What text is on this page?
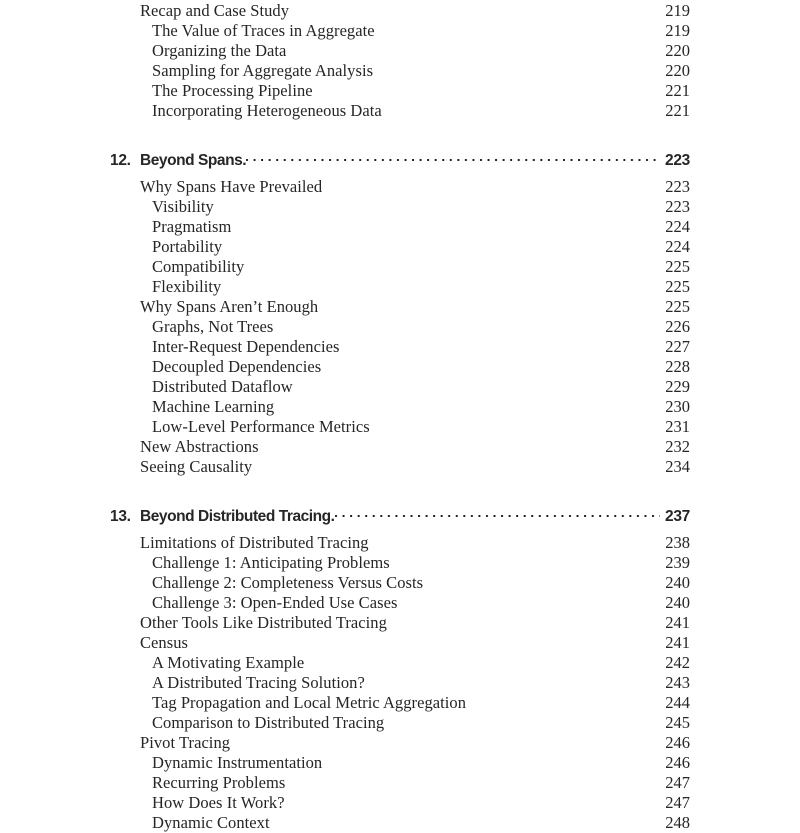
Recap and Case Study	219
The Value of Traces in Aggregate	219
Organizing the Data	220
Sampling for Aggregate Analysis	220
The Processing Pipeline	221
Incorporating Heterogeneous Data	221
12. Beyond Spans.	223
Why Spans Have Prevailed	223
Visibility	223
Pragmatism	224
Portability	224
Compatibility	225
Flexibility	225
Why Spans Aren’t Enough	225
Graphs, Not Trees	226
Inter-Request Dependencies	227
Decoupled Dependencies	228
Distributed Dataflow	229
Machine Learning	230
Low-Level Performance Metrics	231
New Abstractions	232
Seeing Causality	234
13. Beyond Distributed Tracing.	237
Limitations of Distributed Tracing	238
Challenge 1: Anticipating Problems	239
Challenge 2: Completeness Versus Costs	240
Challenge 3: Open-Ended Use Cases	240
Other Tools Like Distributed Tracing	241
Census	241
A Motivating Example	242
A Distributed Tracing Solution?	243
Tag Propagation and Local Metric Aggregation	244
Comparison to Distributed Tracing	245
Pivot Tracing	246
Dynamic Instrumentation	246
Recurring Problems	247
How Does It Work?	247
Dynamic Context	248
